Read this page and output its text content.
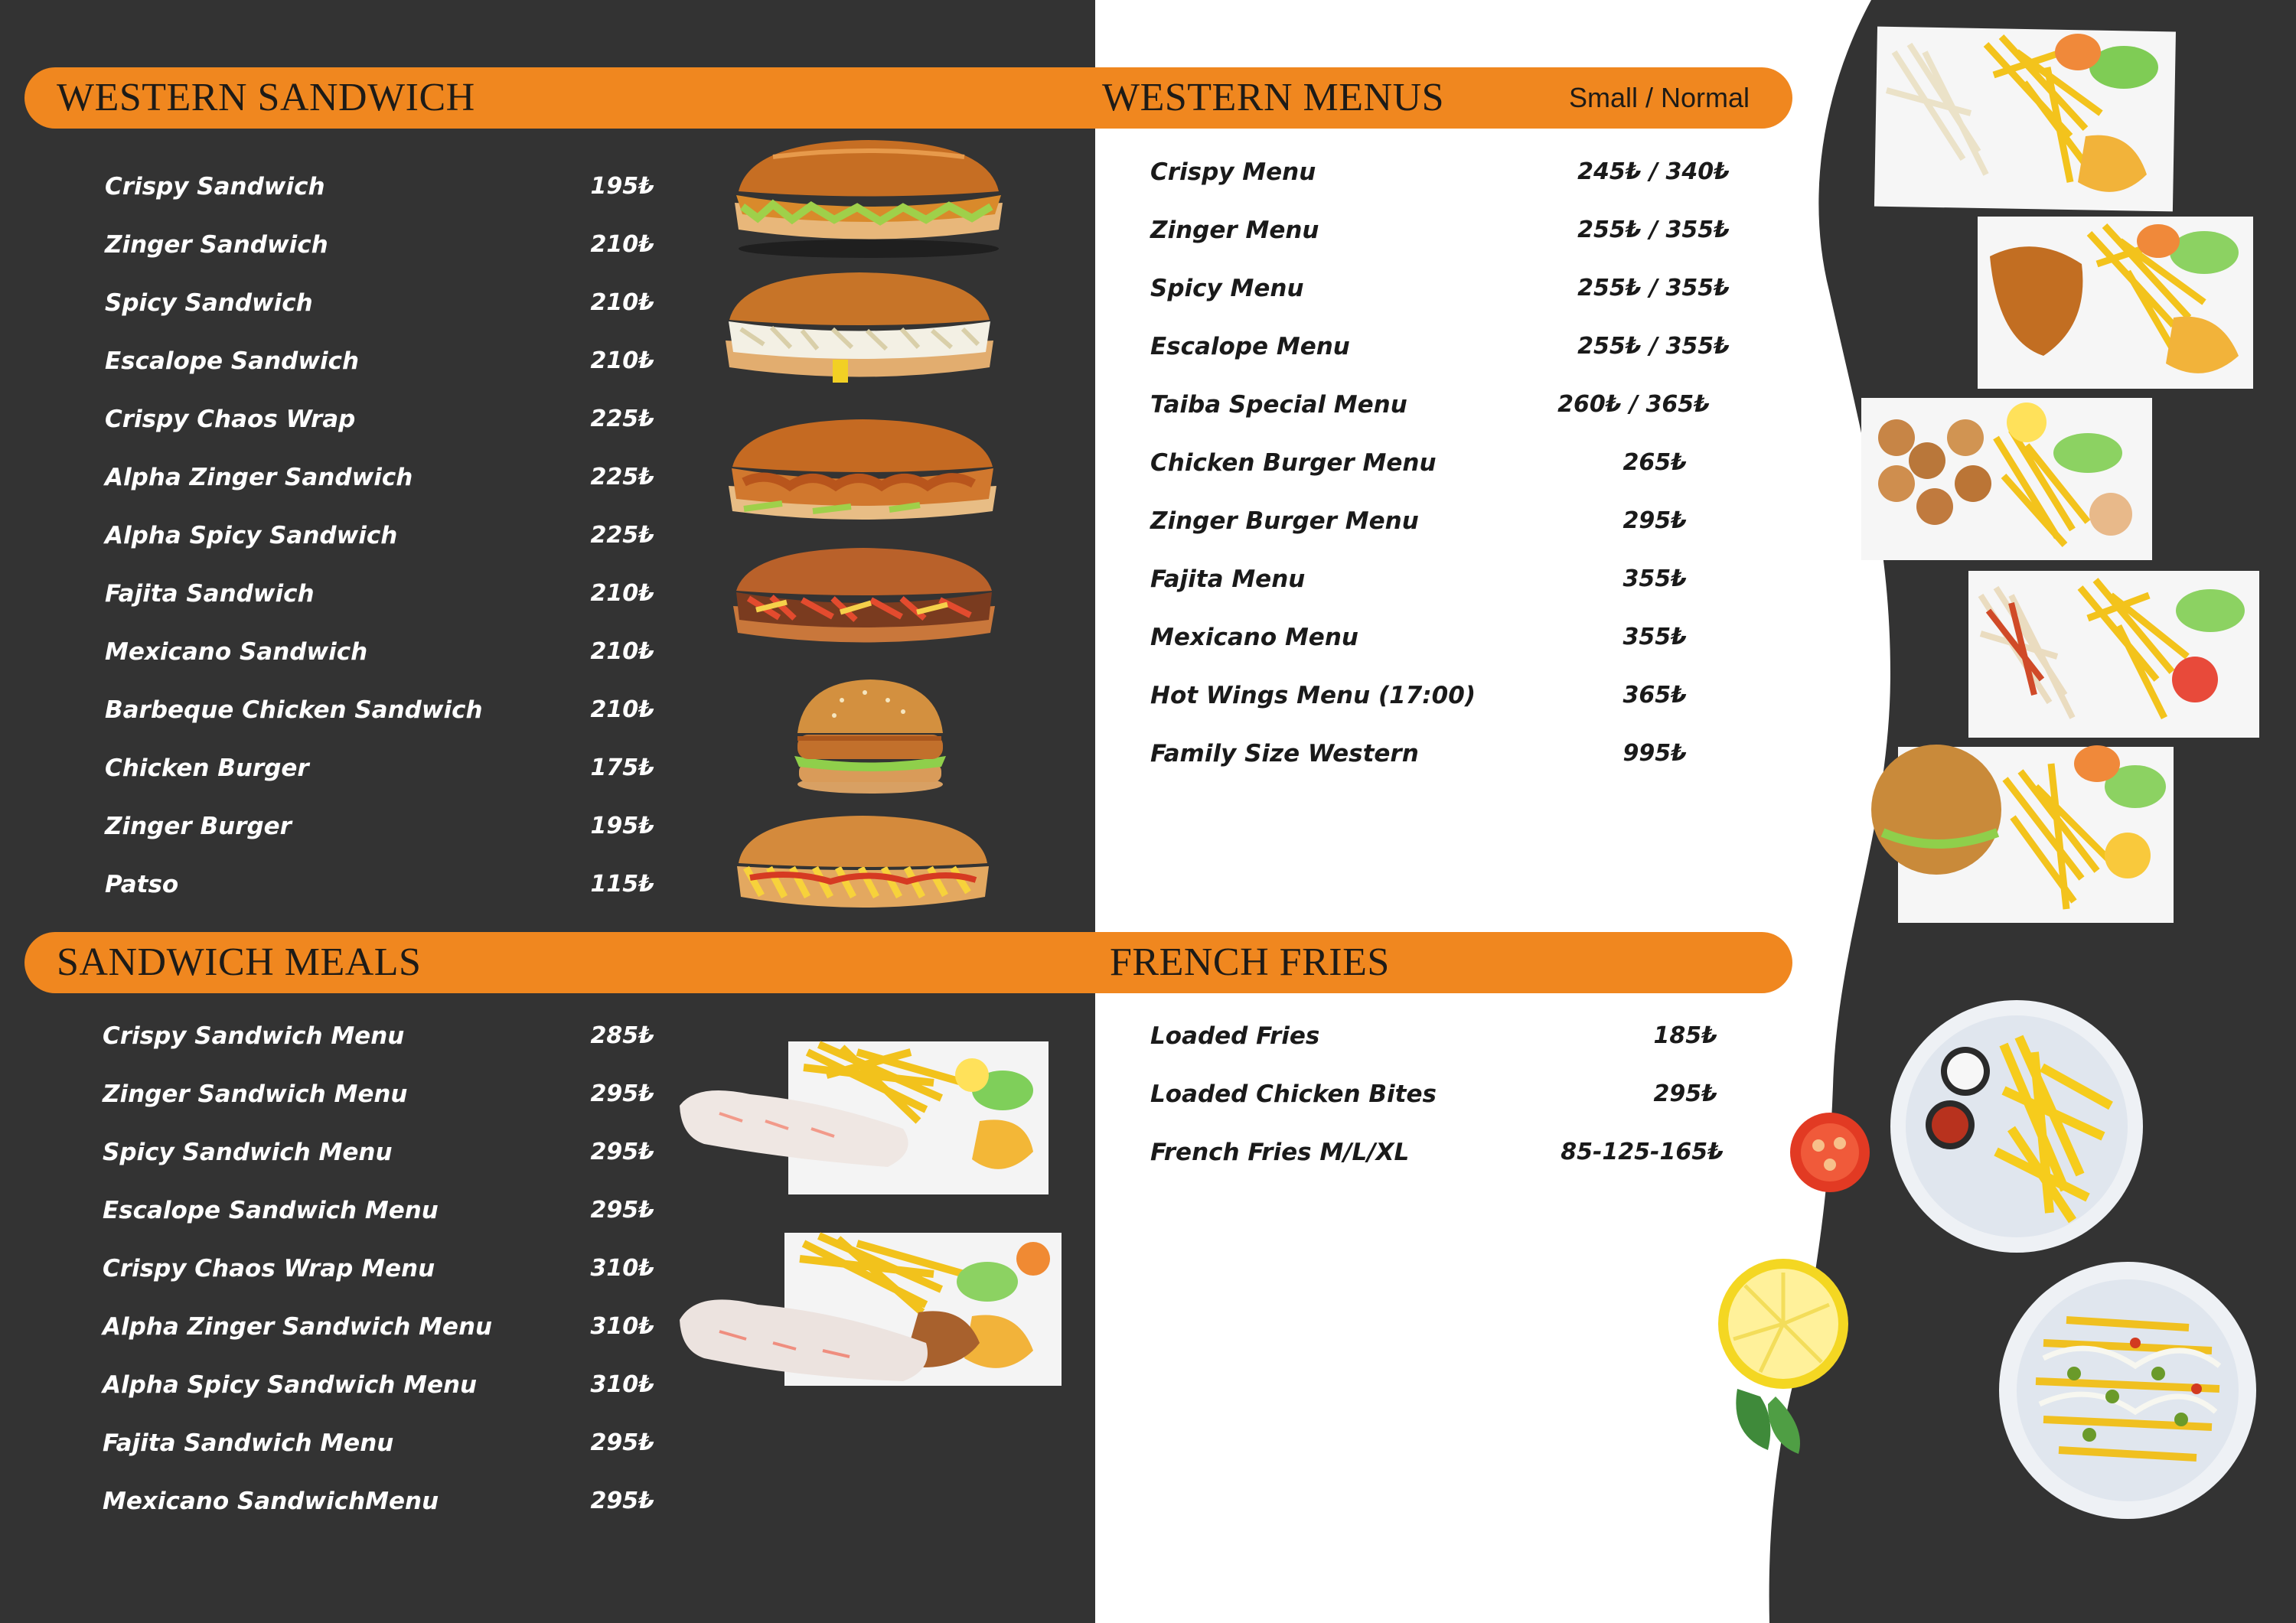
WESTERN SANDWICH	WESTERN MENUS	Small / Normal
SANDWICH MEALS	FRENCH FRIES
Crispy Sandwich	195₺
Zinger Sandwich	210₺
Spicy Sandwich	210₺
Escalope Sandwich	210₺
Crispy Chaos Wrap	225₺
Alpha Zinger Sandwich	225₺
Alpha Spicy Sandwich	225₺
Fajita Sandwich	210₺
Mexicano Sandwich	210₺
Barbeque Chicken Sandwich	210₺
Chicken Burger	175₺
Zinger Burger	195₺
Patso	115₺
Crispy Sandwich Menu	285₺
Zinger Sandwich Menu	295₺
Spicy Sandwich Menu	295₺
Escalope Sandwich Menu	295₺
Crispy Chaos Wrap Menu	310₺
Alpha Zinger Sandwich Menu	310₺
Alpha Spicy Sandwich Menu	310₺
Fajita Sandwich Menu	295₺
Mexicano SandwichMenu	295₺
Crispy Menu	245₺ / 340₺
Zinger Menu	255₺ / 355₺
Spicy Menu	255₺ / 355₺
Escalope Menu	255₺ / 355₺
Taiba Special Menu	260₺ / 365₺
Chicken Burger Menu	265₺
Zinger Burger Menu	295₺
Fajita Menu	355₺
Mexicano Menu	355₺
Hot Wings Menu (17:00)	365₺
Family Size Western	995₺
Loaded Fries	185₺
Loaded Chicken Bites	295₺
French Fries M/L/XL	85-125-165₺
